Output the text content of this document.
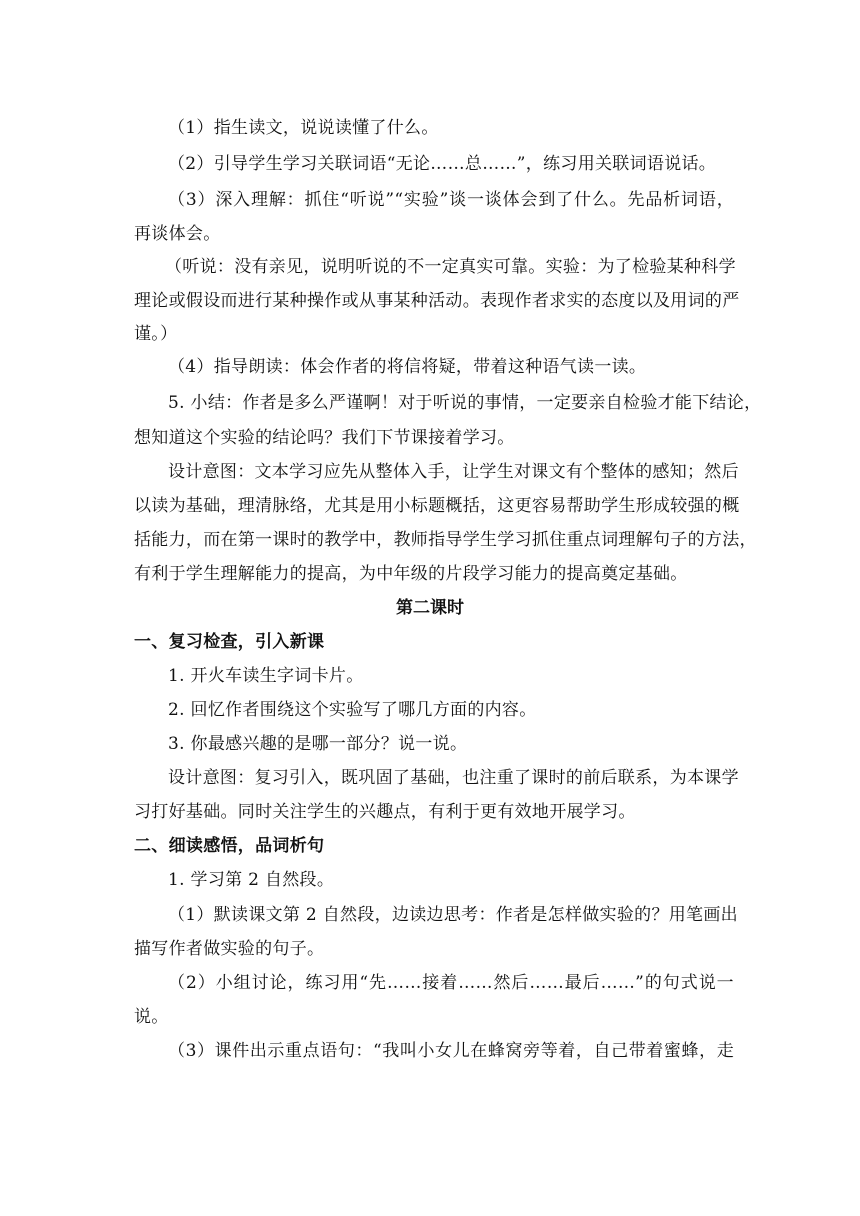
（1）指生读文，说说读懂了什么。
（2）引导学生学习关联词语“无论……总……”，练习用关联词语说话。
（3）深入理解：抓住“听说”“实验”谈一谈体会到了什么。先品析词语，
再谈体会。
（听说：没有亲见，说明听说的不一定真实可靠。实验：为了检验某种科学
理论或假设而进行某种操作或从事某种活动。表现作者求实的态度以及用词的严
谨。）
（4）指导朗读：体会作者的将信将疑，带着这种语气读一读。
5. 小结：作者是多么严谨啊！对于听说的事情，一定要亲自检验才能下结论，
想知道这个实验的结论吗？我们下节课接着学习。
设计意图：文本学习应先从整体入手，让学生对课文有个整体的感知；然后
以读为基础，理清脉络，尤其是用小标题概括，这更容易帮助学生形成较强的概
括能力，而在第一课时的教学中，教师指导学生学习抓住重点词理解句子的方法，
有利于学生理解能力的提高，为中年级的片段学习能力的提高奠定基础。
第二课时
一、复习检查，引入新课
1. 开火车读生字词卡片。
2. 回忆作者围绕这个实验写了哪几方面的内容。
3. 你最感兴趣的是哪一部分？说一说。
设计意图：复习引入，既巩固了基础，也注重了课时的前后联系，为本课学
习打好基础。同时关注学生的兴趣点，有利于更有效地开展学习。
二、细读感悟，品词析句
1. 学习第 2 自然段。
（1）默读课文第 2 自然段，边读边思考：作者是怎样做实验的？用笔画出
描写作者做实验的句子。
（2）小组讨论，练习用“先……接着……然后……最后……”的句式说一
说。
（3）课件出示重点语句：“我叫小女儿在蜂窝旁等着，自己带着蜜蜂，走
